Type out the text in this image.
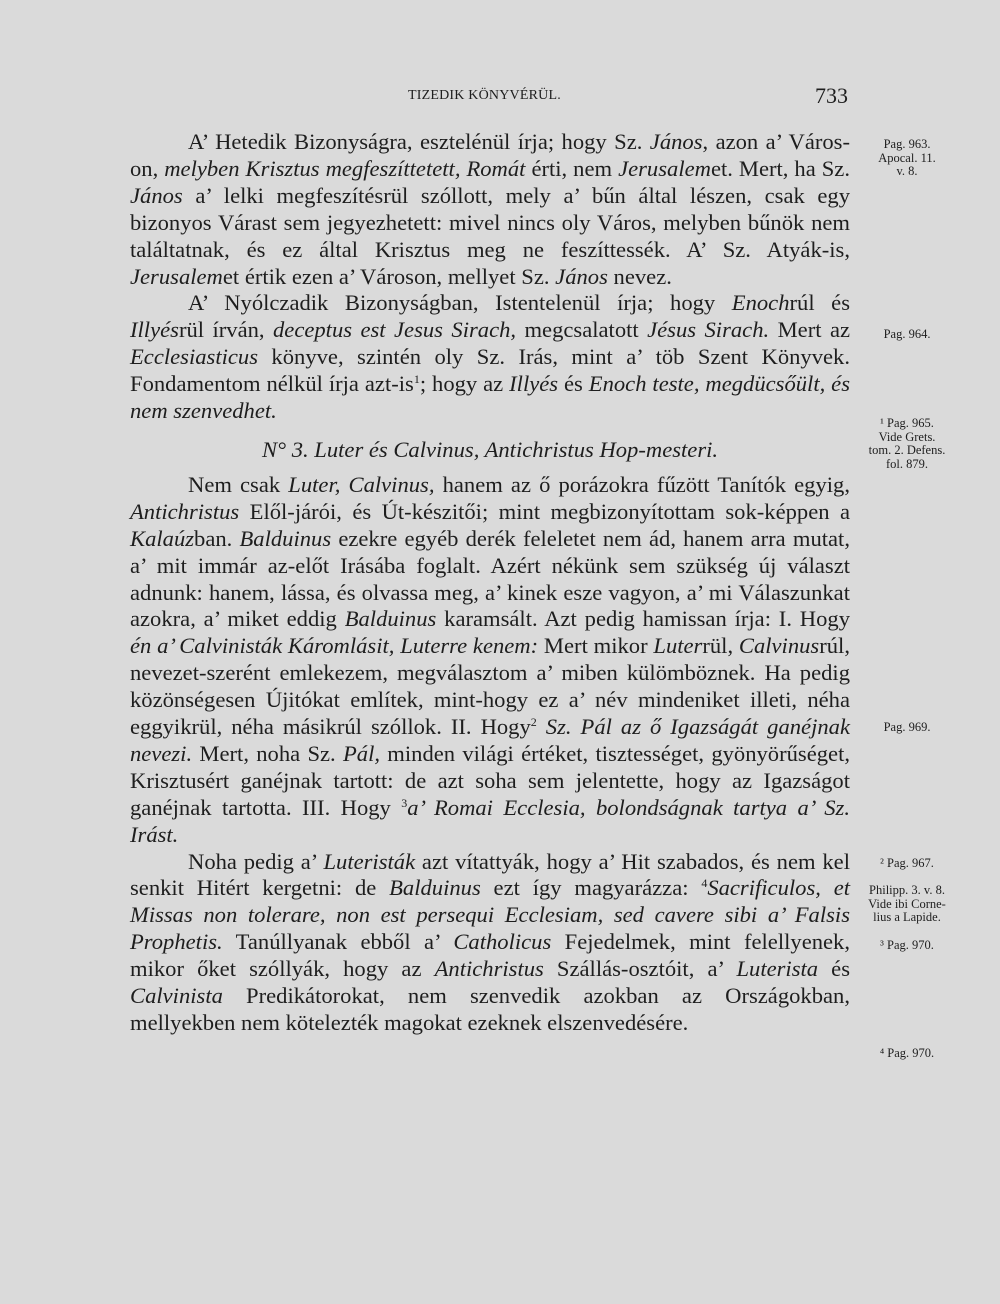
TIZEDIK KÖNYVÉRÜL.	733

A’ Hetedik Bizonyságra, esztelénül írja; hogy Sz. János, azon a’ Városon, melyben Krisztus megfeszíttetett, Romát érti, nem Jerusalemet. Mert, ha Sz. János a’ lelki megfeszítésrül szóllott, mely a’ bűn által lészen, csak egy bizonyos Várast sem jegyezhetett: mivel nincs oly Város, melyben bűnök nem találtatnak, és ez által Krisztus meg ne feszíttessék. A’ Sz. Atyák-is, Jerusalemet értik ezen a’ Városon, mellyet Sz. János nevez.

A’ Nyólczadik Bizonyságban, Istentelenül írja; hogy Enochrúl és Illyésrül írván, deceptus est Jesus Sirach, megcsalatott Jésus Sirach. Mert az Ecclesiasticus könyve, szintén oly Sz. Irás, mint a’ töb Szent Könyvek. Fondamentom nélkül írja azt-$is^1$; hogy az Illyés és Enoch teste, megdücsőült, és nem szenvedhet.

N° 3. Luter és Calvinus, Antichristus Hop-mesteri.

Nem csak Luter, Calvinus, hanem az ő porázokra fűzött Tanítók egyig, Antichristus Elől-járói, és Út-készitői; mint megbizonyítottam sok-képpen a Kalaúzban. Balduinus ezekre egyéb derék feleletet nem ád, hanem arra mutat, a’ mit immár az-előt Irásába foglalt. Azért nékünk sem szükség új választ adnunk: hanem, lássa, és olvassa meg, a’ kinek esze vagyon, a’ mi Válaszunkat azokra, a’ miket eddig Balduinus karamsált. Azt pedig hamissan írja: I. Hogy én a’ Calvinisták Káromlásit, Luterre kenem: Mert mikor Luterrül, Calvinusrúl, nevezet-szerént emlekezem, megválasztom a’ miben külömböznek. Ha pedig közönségesen Újitókat említek, mint-hogy ez a’ név mindeniket illeti, néha eggyikrül, néha másikrúl szóllok. II. Hogy$^2$ Sz. Pál az ő Igazságát ganéjnak nevezi. Mert, noha Sz. Pál, minden világi értéket, tisztességet, gyönyörűséget, Krisztusért ganéjnak tartott: de azt soha sem jelentette, hogy az Igazságot ganéjnak tartotta. III. Hogy $^3$a’ Romai Ecclesia, bolondságnak tartya a’ Sz. Irást.

Noha pedig a’ Luteristák azt vítattyák, hogy a’ Hit szabados, és nem kel senkit Hitért kergetni: de Balduinus ezt így magyarázza: $^4$Sacrificulos, et Missas non tolerare, non est persequi Ecclesiam, sed cavere sibi a’ Falsis Prophetis. Tanúllyanak ebből a’ Catholicus Fejedelmek, mint felellyenek, mikor őket szóllyák, hogy az Antichristus Szállás-osztóit, a’ Luterista és Calvinista Predikátorokat, nem szenvedik azokban az Országokban, mellyekben nem kötelezték magokat ezeknek elszenvedésére.

Pag. 963.
Apocal. 11.
v. 8.
Pag. 964.
¹ Pag. 965.
Vide Grets.
tom. 2. Defens.
fol. 879.
Pag. 969.
² Pag. 967.
Philipp. 3. v. 8.
Vide ibi Corne-
lius a Lapide.
³ Pag. 970.
⁴ Pag. 970.
